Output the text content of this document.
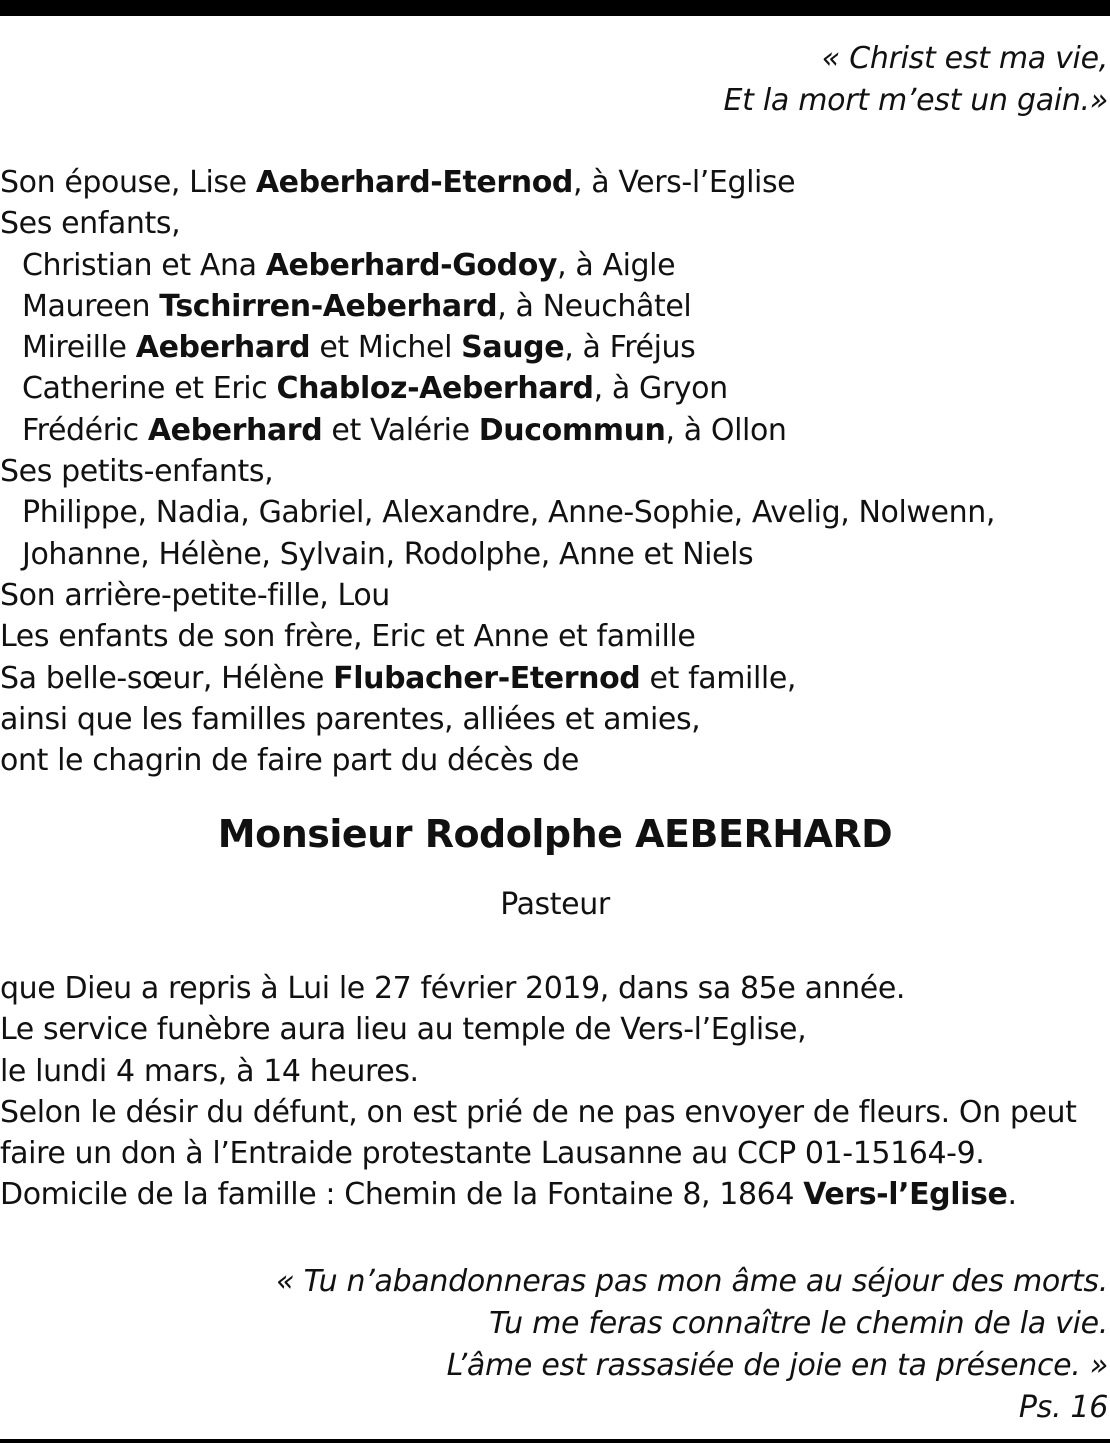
« Christ est ma vie,
Et la mort m’est un gain.»
Son épouse, Lise Aeberhard-Eternod, à Vers-l’Eglise
Ses enfants,
Christian et Ana Aeberhard-Godoy, à Aigle
Maureen Tschirren-Aeberhard, à Neuchâtel
Mireille Aeberhard et Michel Sauge, à Fréjus
Catherine et Eric Chabloz-Aeberhard, à Gryon
Frédéric Aeberhard et Valérie Ducommun, à Ollon
Ses petits-enfants,
Philippe, Nadia, Gabriel, Alexandre, Anne-Sophie, Avelig, Nolwenn,
Johanne, Hélène, Sylvain, Rodolphe, Anne et Niels
Son arrière-petite-fille, Lou
Les enfants de son frère, Eric et Anne et famille
Sa belle-sœur, Hélène Flubacher-Eternod et famille,
ainsi que les familles parentes, alliées et amies,
ont le chagrin de faire part du décès de
Monsieur Rodolphe AEBERHARD
Pasteur
que Dieu a repris à Lui le 27 février 2019, dans sa 85e année.
Le service funèbre aura lieu au temple de Vers-l’Eglise,
le lundi 4 mars, à 14 heures.
Selon le désir du défunt, on est prié de ne pas envoyer de fleurs. On peut
faire un don à l’Entraide protestante Lausanne au CCP 01-15164-9.
Domicile de la famille : Chemin de la Fontaine 8, 1864 Vers-l’Eglise.
« Tu n’abandonneras pas mon âme au séjour des morts.
Tu me feras connaître le chemin de la vie.
L’âme est rassasiée de joie en ta présence. »
Ps. 16
